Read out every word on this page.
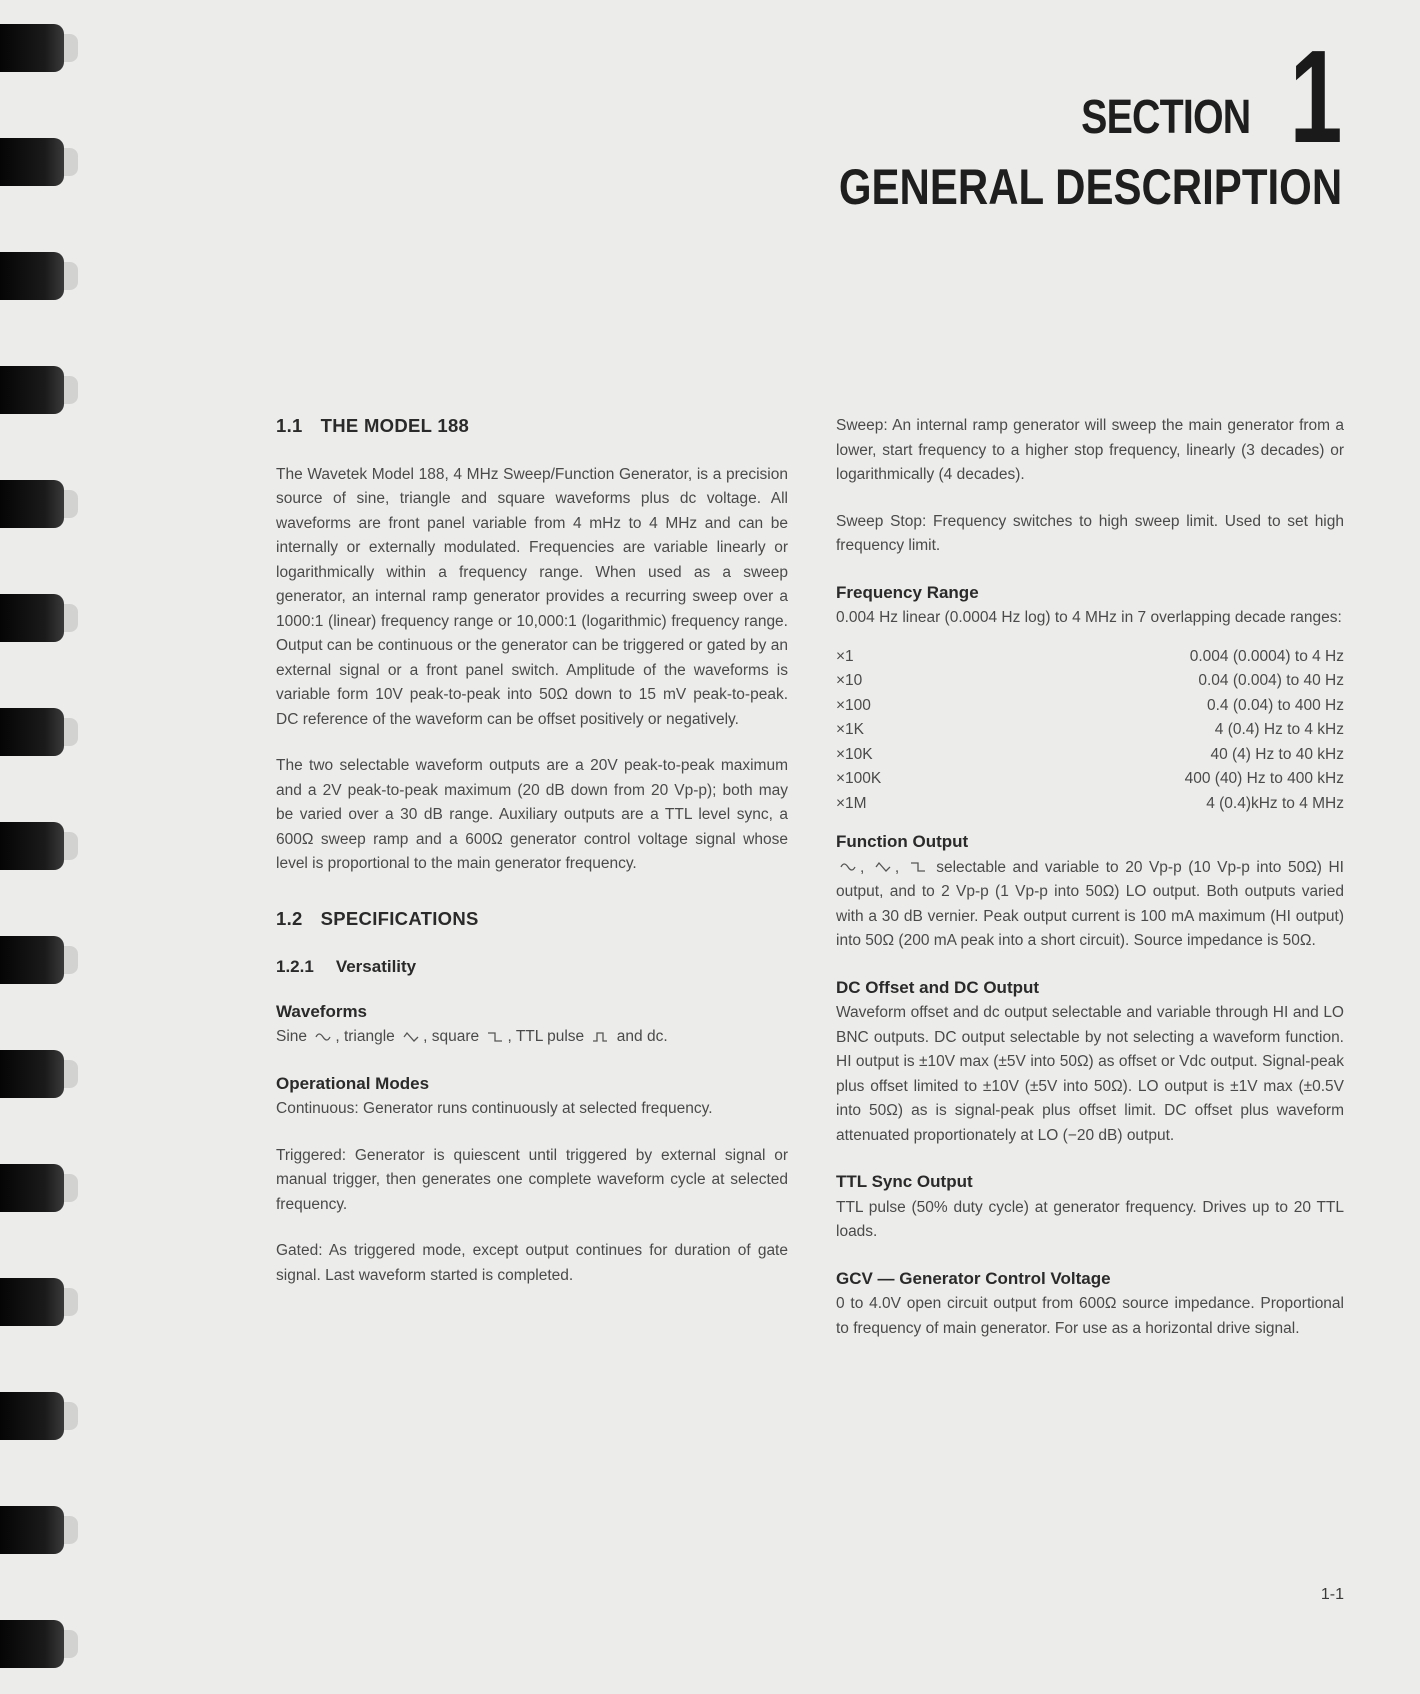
SECTION 1
GENERAL DESCRIPTION
1.1 THE MODEL 188

The Wavetek Model 188, 4 MHz Sweep/Function Generator, is a precision source of sine, triangle and square waveforms plus dc voltage. All waveforms are front panel variable from 4 mHz to 4 MHz and can be internally or externally modulated. Frequencies are variable linearly or logarithmically within a frequency range. When used as a sweep generator, an internal ramp generator provides a recurring sweep over a 1000:1 (linear) frequency range or 10,000:1 (logarithmic) frequency range. Output can be continuous or the generator can be triggered or gated by an external signal or a front panel switch. Amplitude of the waveforms is variable form 10V peak-to-peak into 50Ω down to 15 mV peak-to-peak. DC reference of the waveform can be offset positively or negatively.

The two selectable waveform outputs are a 20V peak-to-peak maximum and a 2V peak-to-peak maximum (20 dB down from 20 Vp-p); both may be varied over a 30 dB range. Auxiliary outputs are a TTL level sync, a 600Ω sweep ramp and a 600Ω generator control voltage signal whose level is proportional to the main generator frequency.

1.2 SPECIFICATIONS
1.2.1 Versatility
Waveforms

Sine , triangle , square , TTL pulse and dc.

Operational Modes

Continuous: Generator runs continuously at selected frequency.

Triggered: Generator is quiescent until triggered by external signal or manual trigger, then generates one complete waveform cycle at selected frequency.

Gated: As triggered mode, except output continues for duration of gate signal. Last waveform started is completed.

Sweep: An internal ramp generator will sweep the main generator from a lower, start frequency to a higher stop frequency, linearly (3 decades) or logarithmically (4 decades).

Sweep Stop: Frequency switches to high sweep limit. Used to set high frequency limit.

Frequency Range

0.004 Hz linear (0.0004 Hz log) to 4 MHz in 7 overlapping decade ranges:

×1	0.004 (0.0004) to 4 Hz
×10	0.04 (0.004) to 40 Hz
×100	0.4 (0.04) to 400 Hz
×1K	4 (0.4) Hz to 4 kHz
×10K	40 (4) Hz to 40 kHz
×100K	400 (40) Hz to 400 kHz
×1M	4 (0.4)kHz to 4 MHz
Function Output

,
,
selectable and variable to 20 Vp-p (10 Vp-p into 50Ω) HI output, and to 2 Vp-p (1 Vp-p into 50Ω) LO output. Both outputs varied with a 30 dB vernier. Peak output current is 100 mA maximum (HI output) into 50Ω (200 mA peak into a short circuit). Source impedance is 50Ω.

DC Offset and DC Output

Waveform offset and dc output selectable and variable through HI and LO BNC outputs. DC output selectable by not selecting a waveform function. HI output is ±10V max (±5V into 50Ω) as offset or Vdc output. Signal-peak plus offset limited to ±10V (±5V into 50Ω). LO output is ±1V max (±0.5V into 50Ω) as is signal-peak plus offset limit. DC offset plus waveform attenuated proportionately at LO (−20 dB) output.

TTL Sync Output

TTL pulse (50% duty cycle) at generator frequency. Drives up to 20 TTL loads.

GCV — Generator Control Voltage

0 to 4.0V open circuit output from 600Ω source impedance. Proportional to frequency of main generator. For use as a horizontal drive signal.

1-1
